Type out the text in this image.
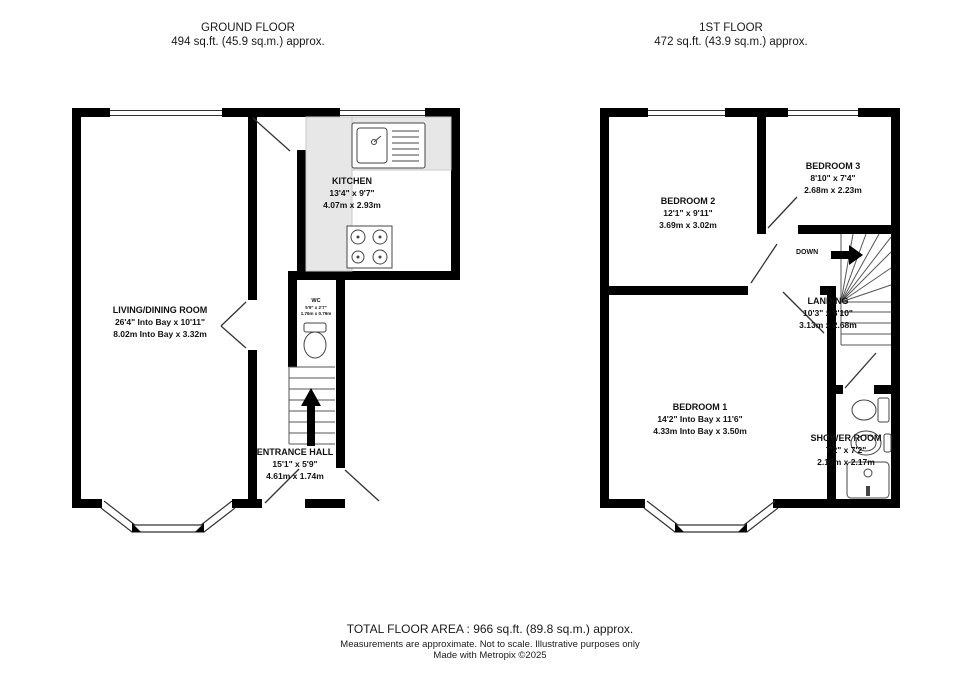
GROUND FLOOR
494 sq.ft. (45.9 sq.m.) approx.
1ST FLOOR
472 sq.ft. (43.9 sq.m.) approx.
KITCHEN
13'4" x 9'7"
4.07m x 2.93m
LIVING/DINING ROOM
26'4" Into Bay x 10'11"
8.02m Into Bay x 3.32m
WC
5'9" x 2'7"
1.76m x 0.79m
ENTRANCE HALL
15'1" x 5'9"
4.61m x 1.74m
BEDROOM 2
12'1" x 9'11"
3.69m x 3.02m
BEDROOM 3
8'10" x 7'4"
2.68m x 2.23m
LANDING
10'3" x 8'10"
3.13m x 2.68m
BEDROOM 1
14'2" Into Bay x 11'6"
4.33m Into Bay x 3.50m
SHOWER ROOM
7'2" x 7'2"
2.19m x 2.17m
DOWN
TOTAL FLOOR AREA : 966 sq.ft. (89.8 sq.m.) approx.
Measurements are approximate. Not to scale. Illustrative purposes only
Made with Metropix ©2025
